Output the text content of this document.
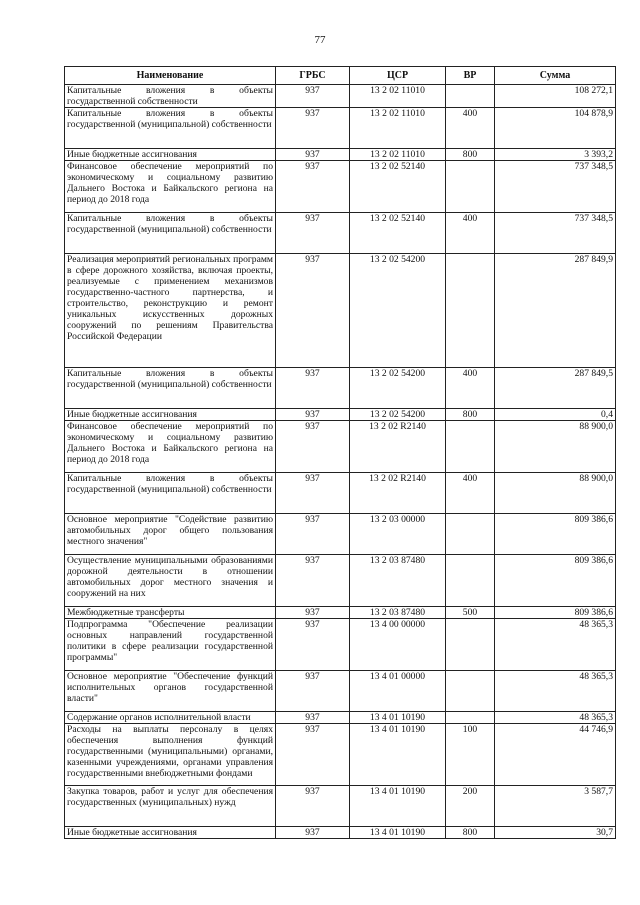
77
Наименование	ГРБС	ЦСР	ВР	Сумма
Капитальные вложения в объекты государственной собственности	937	13 2 02 11010		108 272,1
Капитальные вложения в объекты государственной (муниципальной) собственности	937	13 2 02 11010	400	104 878,9
Иные бюджетные ассигнования	937	13 2 02 11010	800	3 393,2
Финансовое обеспечение мероприятий по экономическому и социальному развитию Дальнего Востока и Байкальского региона на период до 2018 года	937	13 2 02 52140		737 348,5
Капитальные вложения в объекты государственной (муниципальной) собственности	937	13 2 02 52140	400	737 348,5
Реализация мероприятий региональных программ в сфере дорожного хозяйства, включая проекты, реализуемые с применением механизмов государственно-частного партнерства, и строительство, реконструкцию и ремонт уникальных искусственных дорожных сооружений по решениям Правительства Российской Федерации	937	13 2 02 54200		287 849,9
Капитальные вложения в объекты государственной (муниципальной) собственности	937	13 2 02 54200	400	287 849,5
Иные бюджетные ассигнования	937	13 2 02 54200	800	0,4
Финансовое обеспечение мероприятий по экономическому и социальному развитию Дальнего Востока и Байкальского региона на период до 2018 года	937	13 2 02 R2140		88 900,0
Капитальные вложения в объекты государственной (муниципальной) собственности	937	13 2 02 R2140	400	88 900,0
Основное мероприятие "Содействие развитию автомобильных дорог общего пользования местного значения"	937	13 2 03 00000		809 386,6
Осуществление муниципальными образованиями дорожной деятельности в отношении автомобильных дорог местного значения и сооружений на них	937	13 2 03 87480		809 386,6
Межбюджетные трансферты	937	13 2 03 87480	500	809 386,6
Подпрограмма "Обеспечение реализации основных направлений государственной политики в сфере реализации государственной программы"	937	13 4 00 00000		48 365,3
Основное мероприятие "Обеспечение функций исполнительных органов государственной власти"	937	13 4 01 00000		48 365,3
Содержание органов исполнительной власти	937	13 4 01 10190		48 365,3
Расходы на выплаты персоналу в целях обеспечения выполнения функций государственными (муниципальными) органами, казенными учреждениями, органами управления государственными внебюджетными фондами	937	13 4 01 10190	100	44 746,9
Закупка товаров, работ и услуг для обеспечения государственных (муниципальных) нужд	937	13 4 01 10190	200	3 587,7
Иные бюджетные ассигнования	937	13 4 01 10190	800	30,7
